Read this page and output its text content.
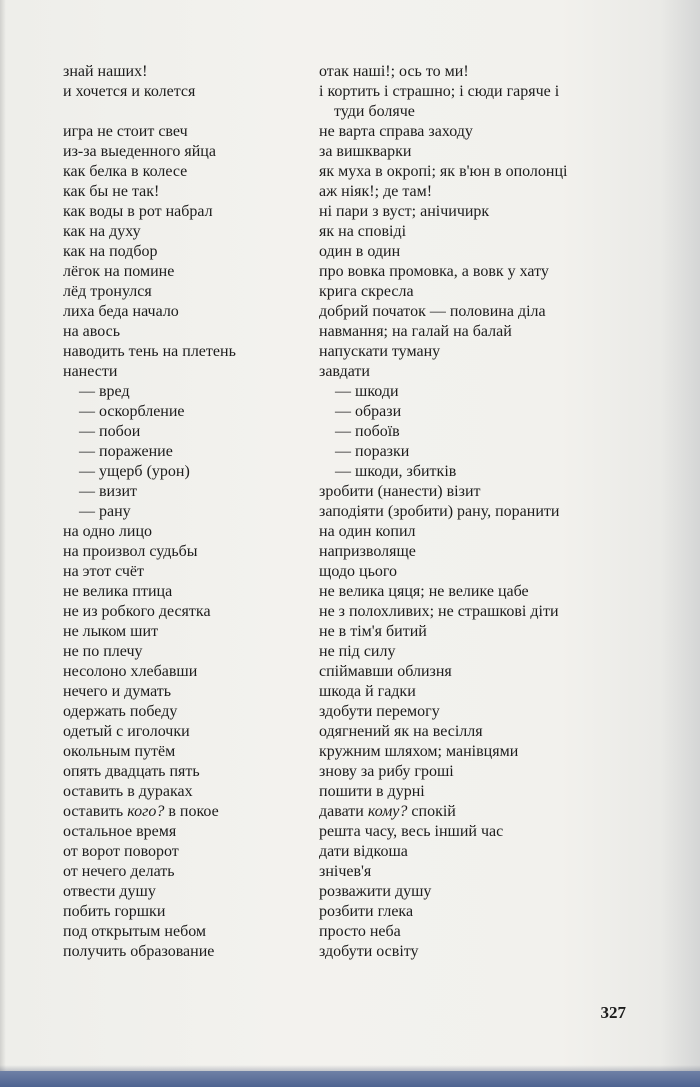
знай наших!
и хочется и колется
игра не стоит свеч
из-за выеденного яйца
как белка в колесе
как бы не так!
как воды в рот набрал
как на духу
как на подбор
лёгок на помине
лёд тронулся
лиха беда начало
на авось
наводить тень на плетень
нанести
— вред
— оскорбление
— побои
— поражение
— ущерб (урон)
— визит
— рану
на одно лицо
на произвол судьбы
на этот счёт
не велика птица
не из робкого десятка
не лыком шит
не по плечу
несолоно хлебавши
нечего и думать
одержать победу
одетый с иголочки
окольным путём
опять двадцать пять
оставить в дураках
оставить кого? в покое
остальное время
от ворот поворот
от нечего делать
отвести душу
побить горшки
под открытым небом
получить образование
отак наші!; ось то ми!
і кортить і страшно; і сюди гаряче і
туди боляче
не варта справа заходу
за вишкварки
як муха в окропі; як в'юн в ополонці
аж ніяк!; де там!
ні пари з вуст; анічичирк
як на сповіді
один в один
про вовка промовка, а вовк у хату
крига скресла
добрий початок — половина діла
навмання; на галай на балай
напускати туману
завдати
— шкоди
— образи
— побоїв
— поразки
— шкоди, збитків
зробити (нанести) візит
заподіяти (зробити) рану, поранити
на один копил
напризволяще
щодо цього
не велика цяця; не велике цабе
не з полохливих; не страшкові діти
не в тім'я битий
не під силу
спіймавши облизня
шкода й гадки
здобути перемогу
одягнений як на весілля
кружним шляхом; манівцями
знову за рибу гроші
пошити в дурні
давати кому? спокій
решта часу, весь інший час
дати відкоша
знічев'я
розважити душу
розбити глека
просто неба
здобути освіту
327
